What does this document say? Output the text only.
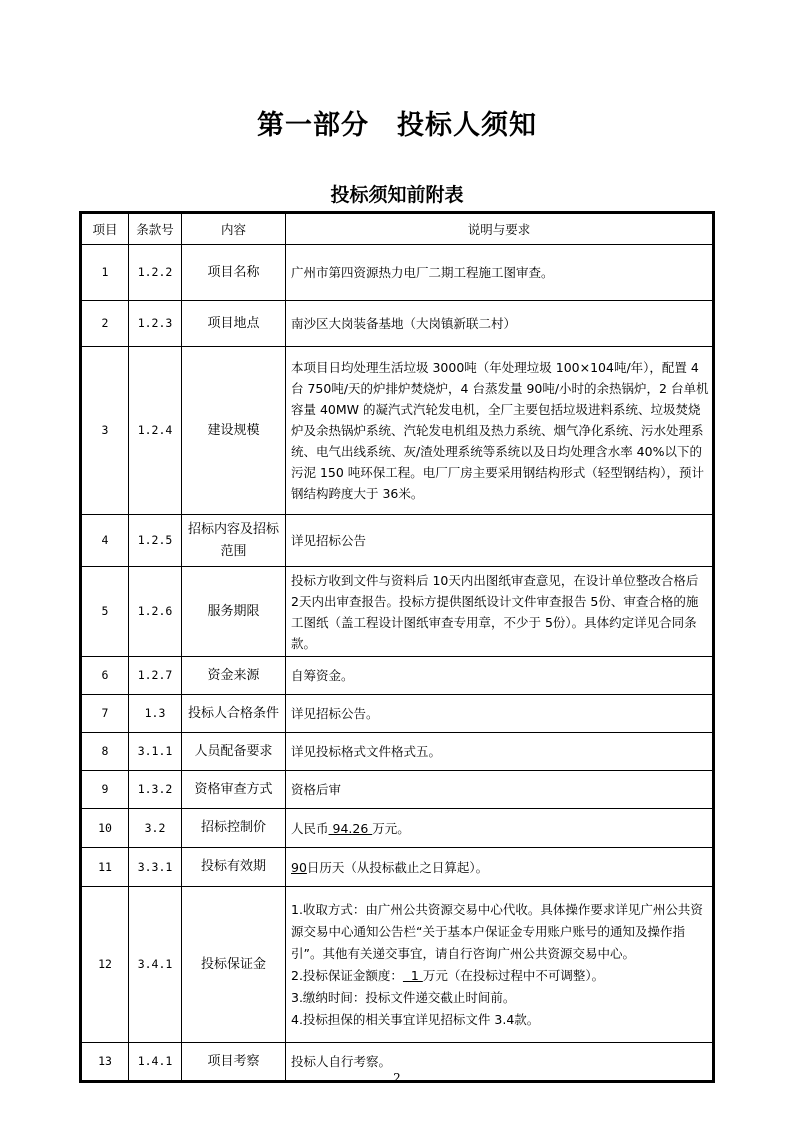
第一部分　投标人须知
投标须知前附表
项目	条款号	内容	说明与要求
1	1.2.2	项目名称	广州市第四资源热力电厂二期工程施工图审查。
2	1.2.3	项目地点	南沙区大岗装备基地（大岗镇新联二村）
3	1.2.4	建设规模	本项目日均处理生活垃圾 3000吨（年处理垃圾 100×104吨/年），配置 4 台 750吨/天的炉排炉焚烧炉，4 台蒸发量 90吨/小时的余热锅炉，2 台单机容量 40MW 的凝汽式汽轮发电机，全厂主要包括垃圾进料系统、垃圾焚烧炉及余热锅炉系统、汽轮发电机组及热力系统、烟气净化系统、污水处理系统、电气出线系统、灰/渣处理系统等系统以及日均处理含水率 40%以下的污泥 150 吨环保工程。电厂厂房主要采用钢结构形式（轻型钢结构），预计钢结构跨度大于 36米。
4	1.2.5	招标内容及招标范围	详见招标公告
5	1.2.6	服务期限	投标方收到文件与资料后 10天内出图纸审查意见，在设计单位整改合格后 2天内出审查报告。投标方提供图纸设计文件审查报告 5份、审查合格的施工图纸（盖工程设计图纸审查专用章，不少于 5份）。具体约定详见合同条款。
6	1.2.7	资金来源	自筹资金。
7	1.3	投标人合格条件	详见招标公告。
8	3.1.1	人员配备要求	详见投标格式文件格式五。
9	1.3.2	资格审查方式	资格后审
10	3.2	招标控制价	人民币 94.26 万元。
11	3.3.1	投标有效期	90日历天（从投标截止之日算起）。
12	3.4.1	投标保证金	1.收取方式：由广州公共资源交易中心代收。具体操作要求详见广州公共资源交易中心通知公告栏“关于基本户保证金专用账户账号的通知及操作指引”。其他有关递交事宜，请自行咨询广州公共资源交易中心。
2.投标保证金额度：  1 万元（在投标过程中不可调整）。
3.缴纳时间：投标文件递交截止时间前。
4.投标担保的相关事宜详见招标文件 3.4款。

13	1.4.1	项目考察	投标人自行考察。
2
